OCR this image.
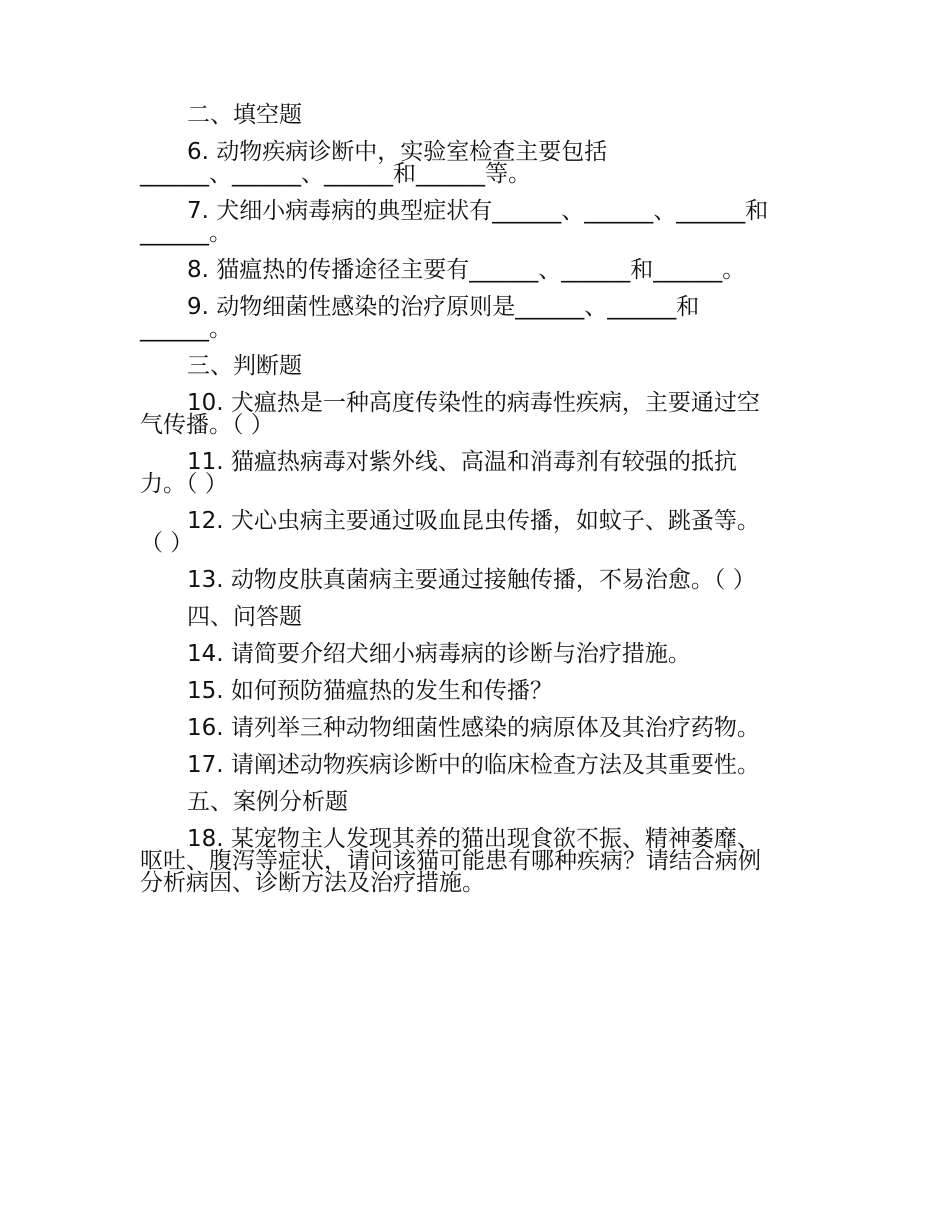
二、填空题
6. 动物疾病诊断中，实验室检查主要包括
______、______、______和______等。
7. 犬细小病毒病的典型症状有______、______、______和
______。
8. 猫瘟热的传播途径主要有______、______和______。
9. 动物细菌性感染的治疗原则是______、______和
______。
三、判断题
10. 犬瘟热是一种高度传染性的病毒性疾病，主要通过空
气传播。（ ）
11. 猫瘟热病毒对紫外线、高温和消毒剂有较强的抵抗
力。（ ）
12. 犬心虫病主要通过吸血昆虫传播，如蚊子、跳蚤等。
（ ）
13. 动物皮肤真菌病主要通过接触传播，不易治愈。（ ）
四、问答题
14. 请简要介绍犬细小病毒病的诊断与治疗措施。
15. 如何预防猫瘟热的发生和传播？
16. 请列举三种动物细菌性感染的病原体及其治疗药物。
17. 请阐述动物疾病诊断中的临床检查方法及其重要性。
五、案例分析题
18. 某宠物主人发现其养的猫出现食欲不振、精神萎靡、
呕吐、腹泻等症状，请问该猫可能患有哪种疾病？请结合病例
分析病因、诊断方法及治疗措施。
